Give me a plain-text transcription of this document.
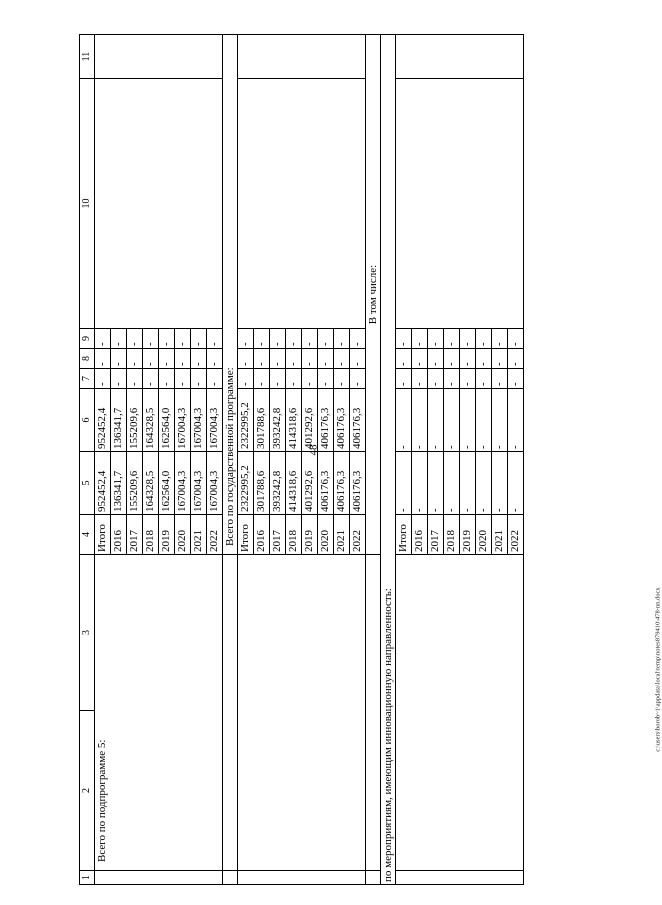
48
c:\users\borob~1\appdata\local\temp\notes879410\478-nn.docx
1	2	3	4	5	6	7	8	9	10	11
	Всего по подпрограмме 5:		Итого	952452,4	952452,4	-	-	-		
			2016	136341,7	136341,7	-	-	-		
			2017	155209,6	155209,6	-	-	-		
			2018	164328,5	164328,5	-	-	-		
			2019	162564,0	162564,0	-	-	-		
			2020	167004,3	167004,3	-	-	-		
			2021	167004,3	167004,3	-	-	-		
			2022	167004,3	167004,3	-	-	-		
			Всего по государственной программе:							
			Итого	2322995,2	2322995,2	-	-	-		
			2016	301788,6	301788,6	-	-	-		
			2017	393242,8	393242,8	-	-	-		
			2018	414318,6	414318,6	-	-	-		
			2019	401292,6	401292,6	-	-	-		
			2020	406176,3	406176,3	-	-	-		
			2021	406176,3	406176,3	-	-	-		
			2022	406176,3	406176,3	-	-	-		
			В том числе:							
по мероприятиям, имеющим инновационную направленность:										
			Итого	-	-	-	-	-		
			2016	-	-	-	-	-		
			2017	-	-	-	-	-		
			2018	-	-	-	-	-		
			2019	-	-	-	-	-		
			2020	-	-	-	-	-		
			2021	-	-	-	-	-		
			2022	-	-	-	-	-		
